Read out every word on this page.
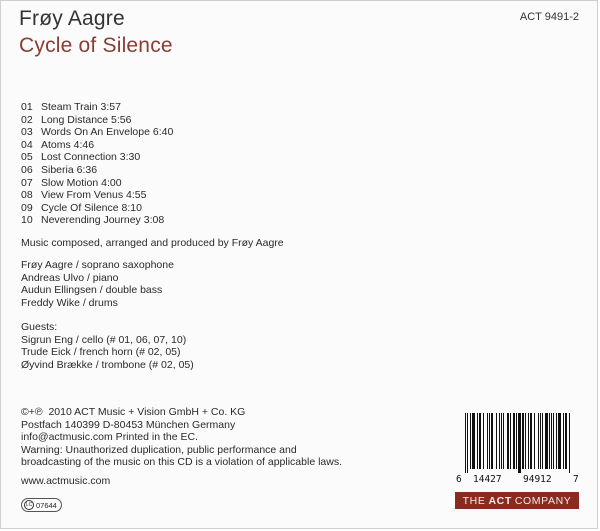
Frøy Aagre
Cycle of Silence
ACT 9491-2
01 Steam Train 3:57
02 Long Distance 5:56
03 Words On An Envelope 6:40
04 Atoms 4:46
05 Lost Connection 3:30
06 Siberia 6:36
07 Slow Motion 4:00
08 View From Venus 4:55
09 Cycle Of Silence 8:10
10 Neverending Journey 3:08
Music composed, arranged and produced by Frøy Aagre
Frøy Aagre / soprano saxophone
Andreas Ulvo / piano
Audun Ellingsen / double bass
Freddy Wike / drums
Guests:
Sigrun Eng / cello (# 01, 06, 07, 10)
Trude Eick / french horn (# 02, 05)
Øyvind Brække / trombone (# 02, 05)
©+℗ 2010 ACT Music + Vision GmbH + Co. KG
Postfach 140399 D-80453 München Germany
info@actmusic.com Printed in the EC.
Warning: Unauthorized duplication, public performance and
broadcasting of the music on this CD is a violation of applicable laws.
www.actmusic.com
LC 07644
6 14427 94912 7
THE ACT COMPANY
